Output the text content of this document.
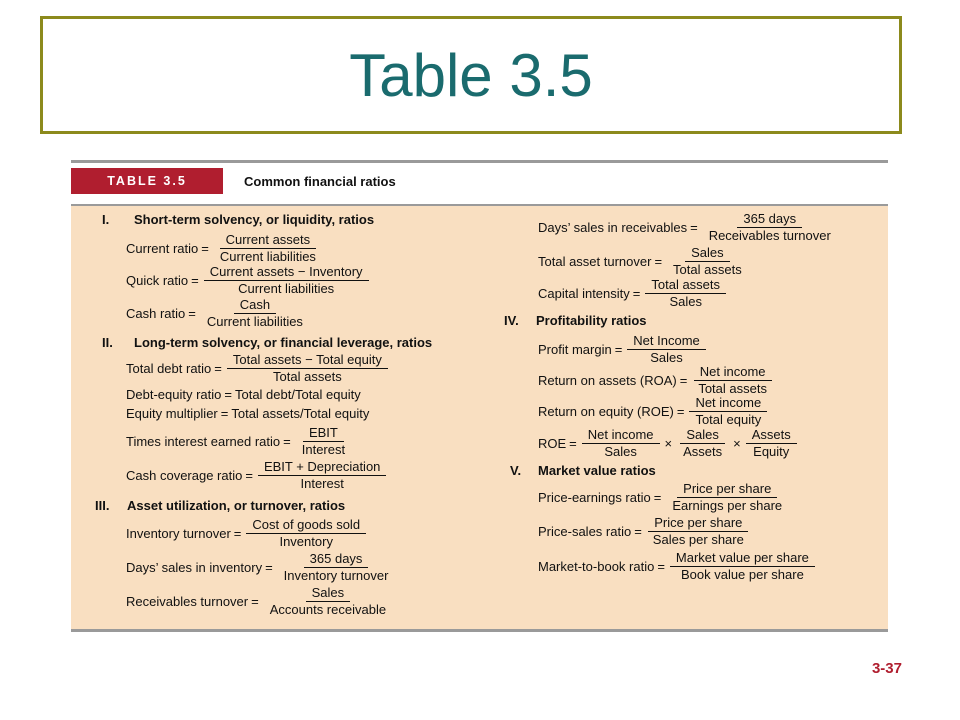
Table 3.5
TABLE 3.5	Common financial ratios
I. Short-term solvency, or liquidity, ratios
Current ratio = $\frac{\text{Current assets}}{\text{Current liabilities}}$
Quick ratio = $\frac{\text{Current assets − Inventory}}{\text{Current liabilities}}$
Cash ratio = $\frac{\text{Cash}}{\text{Current liabilities}}$
II. Long-term solvency, or financial leverage, ratios
Total debt ratio = $\frac{\text{Total assets − Total equity}}{\text{Total assets}}$
Debt-equity ratio = Total debt/Total equity
Equity multiplier = Total assets/Total equity
Times interest earned ratio = $\frac{\text{EBIT}}{\text{Interest}}$
Cash coverage ratio = $\frac{\text{EBIT + Depreciation}}{\text{Interest}}$
III. Asset utilization, or turnover, ratios
Inventory turnover = $\frac{\text{Cost of goods sold}}{\text{Inventory}}$
Days’ sales in inventory = $\frac{\text{365 days}}{\text{Inventory turnover}}$
Receivables turnover = $\frac{\text{Sales}}{\text{Accounts receivable}}$
Days’ sales in receivables = $\frac{\text{365 days}}{\text{Receivables turnover}}$
Total asset turnover = $\frac{\text{Sales}}{\text{Total assets}}$
Capital intensity = $\frac{\text{Total assets}}{\text{Sales}}$
IV. Profitability ratios
Profit margin = $\frac{\text{Net Income}}{\text{Sales}}$
Return on assets $(ROA) = \frac{\text{Net income}}{\text{Total assets}}$
Return on equity $(ROE) = \frac{\text{Net income}}{\text{Total equity}}$
ROE = $\frac{\text{Net income}}{\text{Sales}} \times \frac{\text{Sales}}{\text{Assets}} \times \frac{\text{Assets}}{\text{Equity}}$
V. Market value ratios
Price-earnings ratio = $\frac{\text{Price per share}}{\text{Earnings per share}}$
Price-sales ratio = $\frac{\text{Price per share}}{\text{Sales per share}}$
Market-to-book ratio = $\frac{\text{Market value per share}}{\text{Book value per share}}$
3-37
